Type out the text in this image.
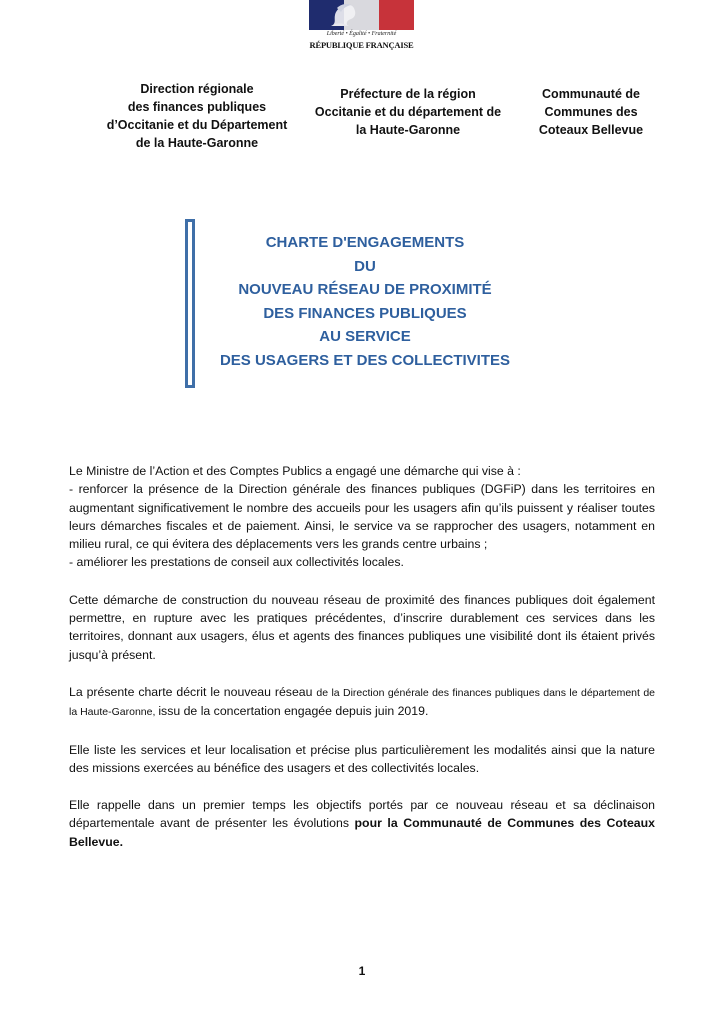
Liberté • Égalité • Fraternité
RÉPUBLIQUE FRANÇAISE
Direction régionale
des finances publiques
d’Occitanie et du Département
de la Haute-Garonne
Préfecture de la région
Occitanie et du département de
la Haute-Garonne
Communauté de
Communes des
Coteaux Bellevue
CHARTE D'ENGAGEMENTS
DU
NOUVEAU RÉSEAU DE PROXIMITÉ
DES FINANCES PUBLIQUES
AU SERVICE
DES USAGERS ET DES COLLECTIVITES

Le Ministre de l’Action et des Comptes Publics a engagé une démarche qui vise à :
- renforcer la présence de la Direction générale des finances publiques (DGFiP) dans les territoires en augmentant significativement le nombre des accueils pour les usagers afin qu’ils puissent y réaliser toutes leurs démarches fiscales et de paiement. Ainsi, le service va se rapprocher des usagers, notamment en milieu rural, ce qui évitera des déplacements vers les grands centre urbains ;
- améliorer les prestations de conseil aux collectivités locales.

Cette démarche de construction du nouveau réseau de proximité des finances publiques doit également permettre, en rupture avec les pratiques précédentes, d’inscrire durablement ces services dans les territoires, donnant aux usagers, élus et agents des finances publiques une visibilité dont ils étaient privés jusqu’à présent.

La présente charte décrit le nouveau réseau de la Direction générale des finances publiques dans le département de la Haute-Garonne, issu de la concertation engagée depuis juin 2019.

Elle liste les services et leur localisation et précise plus particulièrement les modalités ainsi que la nature des missions exercées au bénéfice des usagers et des collectivités locales.

Elle rappelle dans un premier temps les objectifs portés par ce nouveau réseau et sa déclinaison départementale avant de présenter les évolutions pour la Communauté de Communes des Coteaux Bellevue.

1
